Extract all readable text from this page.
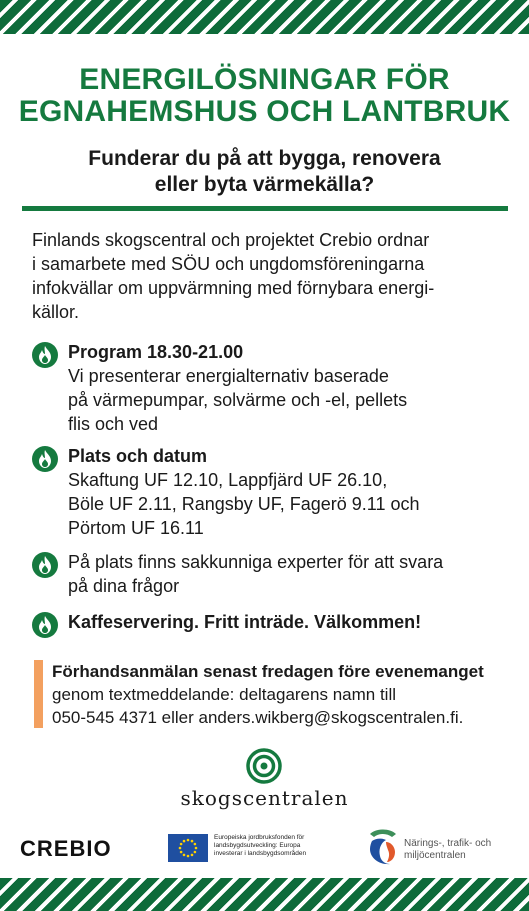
ENERGILÖSNINGAR FÖR
EGNAHEMSHUS OCH LANTBRUK
Funderar du på att bygga, renovera
eller byta värmekälla?

Finlands skogscentral och projektet Crebio ordnar
i samarbete med SÖU och ungdomsföreningarna
infokvällar om uppvärmning med förnybara energi-
källor.

Program 18.30-21.00
Vi presenterar energialternativ baserade
på värmepumpar, solvärme och -el, pellets
flis och ved
Plats och datum
Skaftung UF 12.10, Lappfjärd UF 26.10,
Böle UF 2.11, Rangsby UF, Fagerö 9.11 och
Pörtom UF 16.11
På plats finns sakkunniga experter för att svara
på dina frågor
Kaffeservering. Fritt inträde. Välkommen!
Förhandsanmälan senast fredagen före evenemanget
genom textmeddelande: deltagarens namn till
050-545 4371 eller anders.wikberg@skogscentralen.fi.
skogscentralen
CREBIO	Europeiska jordbruksfonden för
landsbygdsutveckling: Europa
investerar i landsbygdsområden
Närings-, trafik- och
miljöcentralen
